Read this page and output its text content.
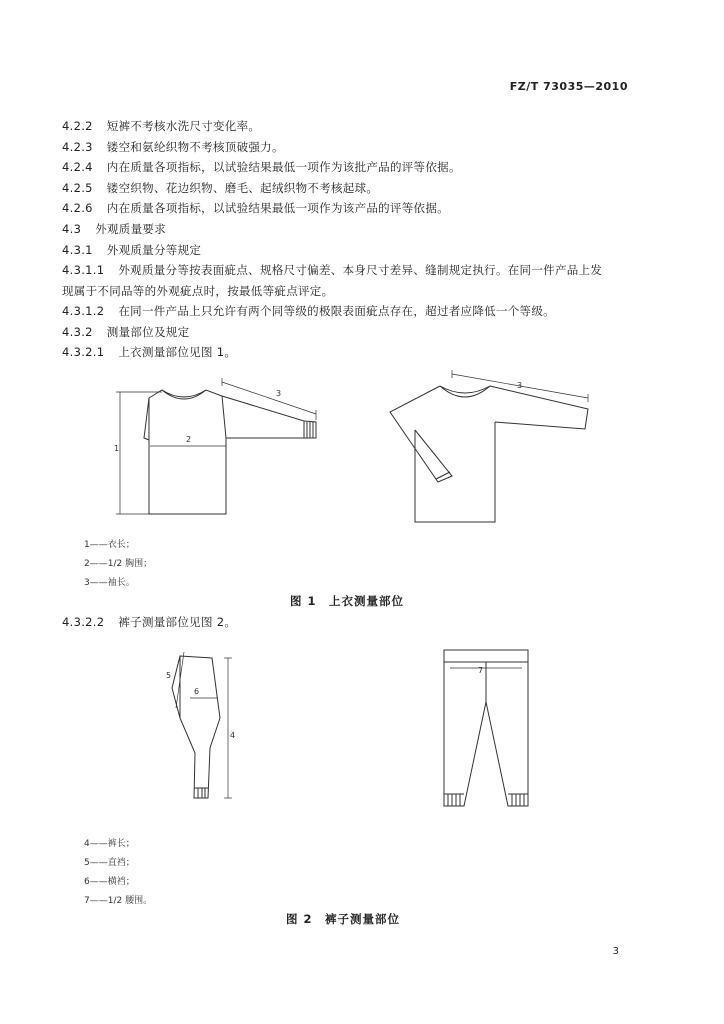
FZ/T 73035—2010
4.2.2 短裤不考核水洗尺寸变化率。
4.2.3 镂空和氨纶织物不考核顶破强力。
4.2.4 内在质量各项指标，以试验结果最低一项作为该批产品的评等依据。
4.2.5 镂空织物、花边织物、磨毛、起绒织物不考核起球。
4.2.6 内在质量各项指标，以试验结果最低一项作为该产品的评等依据。
4.3 外观质量要求
4.3.1 外观质量分等规定
4.3.1.1 外观质量分等按表面疵点、规格尺寸偏差、本身尺寸差异、缝制规定执行。在同一件产品上发
现属于不同品等的外观疵点时，按最低等疵点评定。
4.3.1.2 在同一件产品上只允许有两个同等级的极限表面疵点存在，超过者应降低一个等级。
4.3.2 测量部位及规定
4.3.2.1 上衣测量部位见图 1。
1
2
3
3
1——衣长；
2——1/2 胸围；
3——袖长。
图 1　上衣测量部位
4.3.2.2 裤子测量部位见图 2。
5
6
4
7
4——裤长；
5——直裆；
6——横裆；
7——1/2 腰围。
图 2　裤子测量部位
3
